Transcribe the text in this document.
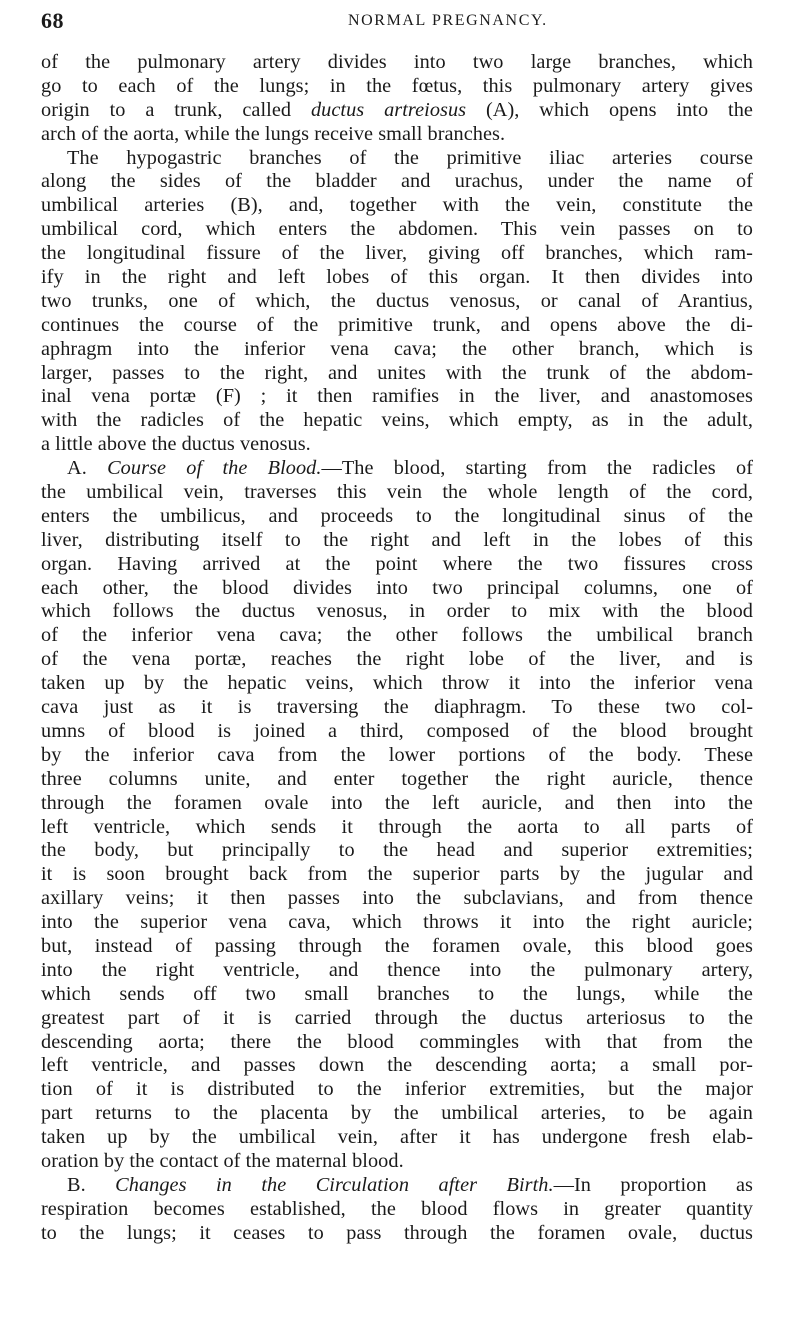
68	NORMAL PREGNANCY.
of the pulmonary artery divides into two large branches, which
go to each of the lungs; in the fœtus, this pulmonary artery gives
origin to a trunk, called ductus artreiosus (A), which opens into the
arch of the aorta, while the lungs receive small branches.
The hypogastric branches of the primitive iliac arteries course
along the sides of the bladder and urachus, under the name of
umbilical arteries (B), and, together with the vein, constitute the
umbilical cord, which enters the abdomen. This vein passes on to
the longitudinal fissure of the liver, giving off branches, which ram-
ify in the right and left lobes of this organ. It then divides into
two trunks, one of which, the ductus venosus, or canal of Arantius,
continues the course of the primitive trunk, and opens above the di-
aphragm into the inferior vena cava; the other branch, which is
larger, passes to the right, and unites with the trunk of the abdom-
inal vena portæ (F) ; it then ramifies in the liver, and anastomoses
with the radicles of the hepatic veins, which empty, as in the adult,
a little above the ductus venosus.
A. Course of the Blood.—The blood, starting from the radicles of
the umbilical vein, traverses this vein the whole length of the cord,
enters the umbilicus, and proceeds to the longitudinal sinus of the
liver, distributing itself to the right and left in the lobes of this
organ. Having arrived at the point where the two fissures cross
each other, the blood divides into two principal columns, one of
which follows the ductus venosus, in order to mix with the blood
of the inferior vena cava; the other follows the umbilical branch
of the vena portæ, reaches the right lobe of the liver, and is
taken up by the hepatic veins, which throw it into the inferior vena
cava just as it is traversing the diaphragm. To these two col-
umns of blood is joined a third, composed of the blood brought
by the inferior cava from the lower portions of the body. These
three columns unite, and enter together the right auricle, thence
through the foramen ovale into the left auricle, and then into the
left ventricle, which sends it through the aorta to all parts of
the body, but principally to the head and superior extremities;
it is soon brought back from the superior parts by the jugular and
axillary veins; it then passes into the subclavians, and from thence
into the superior vena cava, which throws it into the right auricle;
but, instead of passing through the foramen ovale, this blood goes
into the right ventricle, and thence into the pulmonary artery,
which sends off two small branches to the lungs, while the
greatest part of it is carried through the ductus arteriosus to the
descending aorta; there the blood commingles with that from the
left ventricle, and passes down the descending aorta; a small por-
tion of it is distributed to the inferior extremities, but the major
part returns to the placenta by the umbilical arteries, to be again
taken up by the umbilical vein, after it has undergone fresh elab-
oration by the contact of the maternal blood.
B. Changes in the Circulation after Birth.—In proportion as
respiration becomes established, the blood flows in greater quantity
to the lungs; it ceases to pass through the foramen ovale, ductus
